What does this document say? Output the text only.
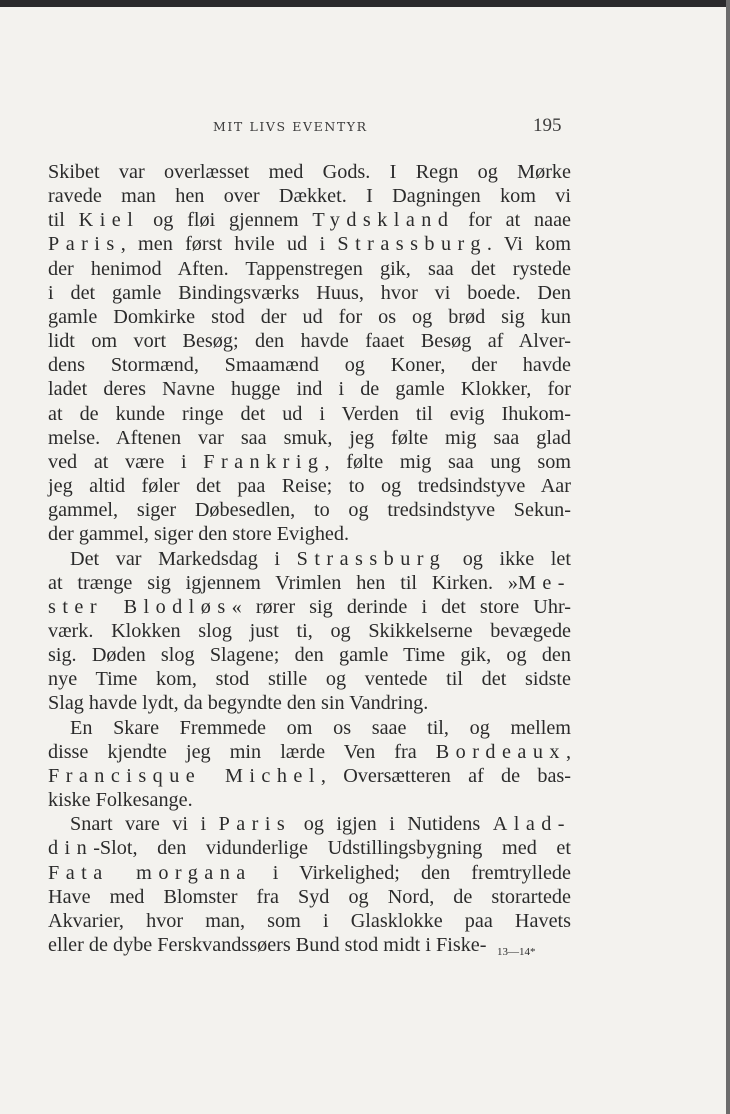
MIT LIVS EVENTYR	195
Skibet var overlæsset med Gods. I Regn og Mørke
ravede man hen over Dækket. I Dagningen kom vi
til Kiel og fløi gjennem Tydskland for at naae
Paris, men først hvile ud i Strassburg. Vi kom
der henimod Aften. Tappenstregen gik, saa det rystede
i det gamle Bindingsværks Huus, hvor vi boede. Den
gamle Domkirke stod der ud for os og brød sig kun
lidt om vort Besøg; den havde faaet Besøg af Alver-
dens Stormænd, Smaamænd og Koner, der havde
ladet deres Navne hugge ind i de gamle Klokker, for
at de kunde ringe det ud i Verden til evig Ihukom-
melse. Aftenen var saa smuk, jeg følte mig saa glad
ved at være i Frankrig, følte mig saa ung som
jeg altid føler det paa Reise; to og tredsindstyve Aar
gammel, siger Døbesedlen, to og tredsindstyve Sekun-
der gammel, siger den store Evighed.
Det var Markedsdag i Strassburg og ikke let
at trænge sig igjennem Vrimlen hen til Kirken. »Me-
ster Blodløs« rører sig derinde i det store Uhr-
værk. Klokken slog just ti, og Skikkelserne bevægede
sig. Døden slog Slagene; den gamle Time gik, og den
nye Time kom, stod stille og ventede til det sidste
Slag havde lydt, da begyndte den sin Vandring.
En Skare Fremmede om os saae til, og mellem
disse kjendte jeg min lærde Ven fra Bordeaux,
Francisque Michel, Oversætteren af de bas-
kiske Folkesange.
Snart vare vi i Paris og igjen i Nutidens Alad-
din-Slot, den vidunderlige Udstillingsbygning med et
Fata morgana i Virkelighed; den fremtryllede
Have med Blomster fra Syd og Nord, de storartede
Akvarier, hvor man, som i Glasklokke paa Havets
eller de dybe Ferskvandssøers Bund stod midt i Fiske- 13—14*
